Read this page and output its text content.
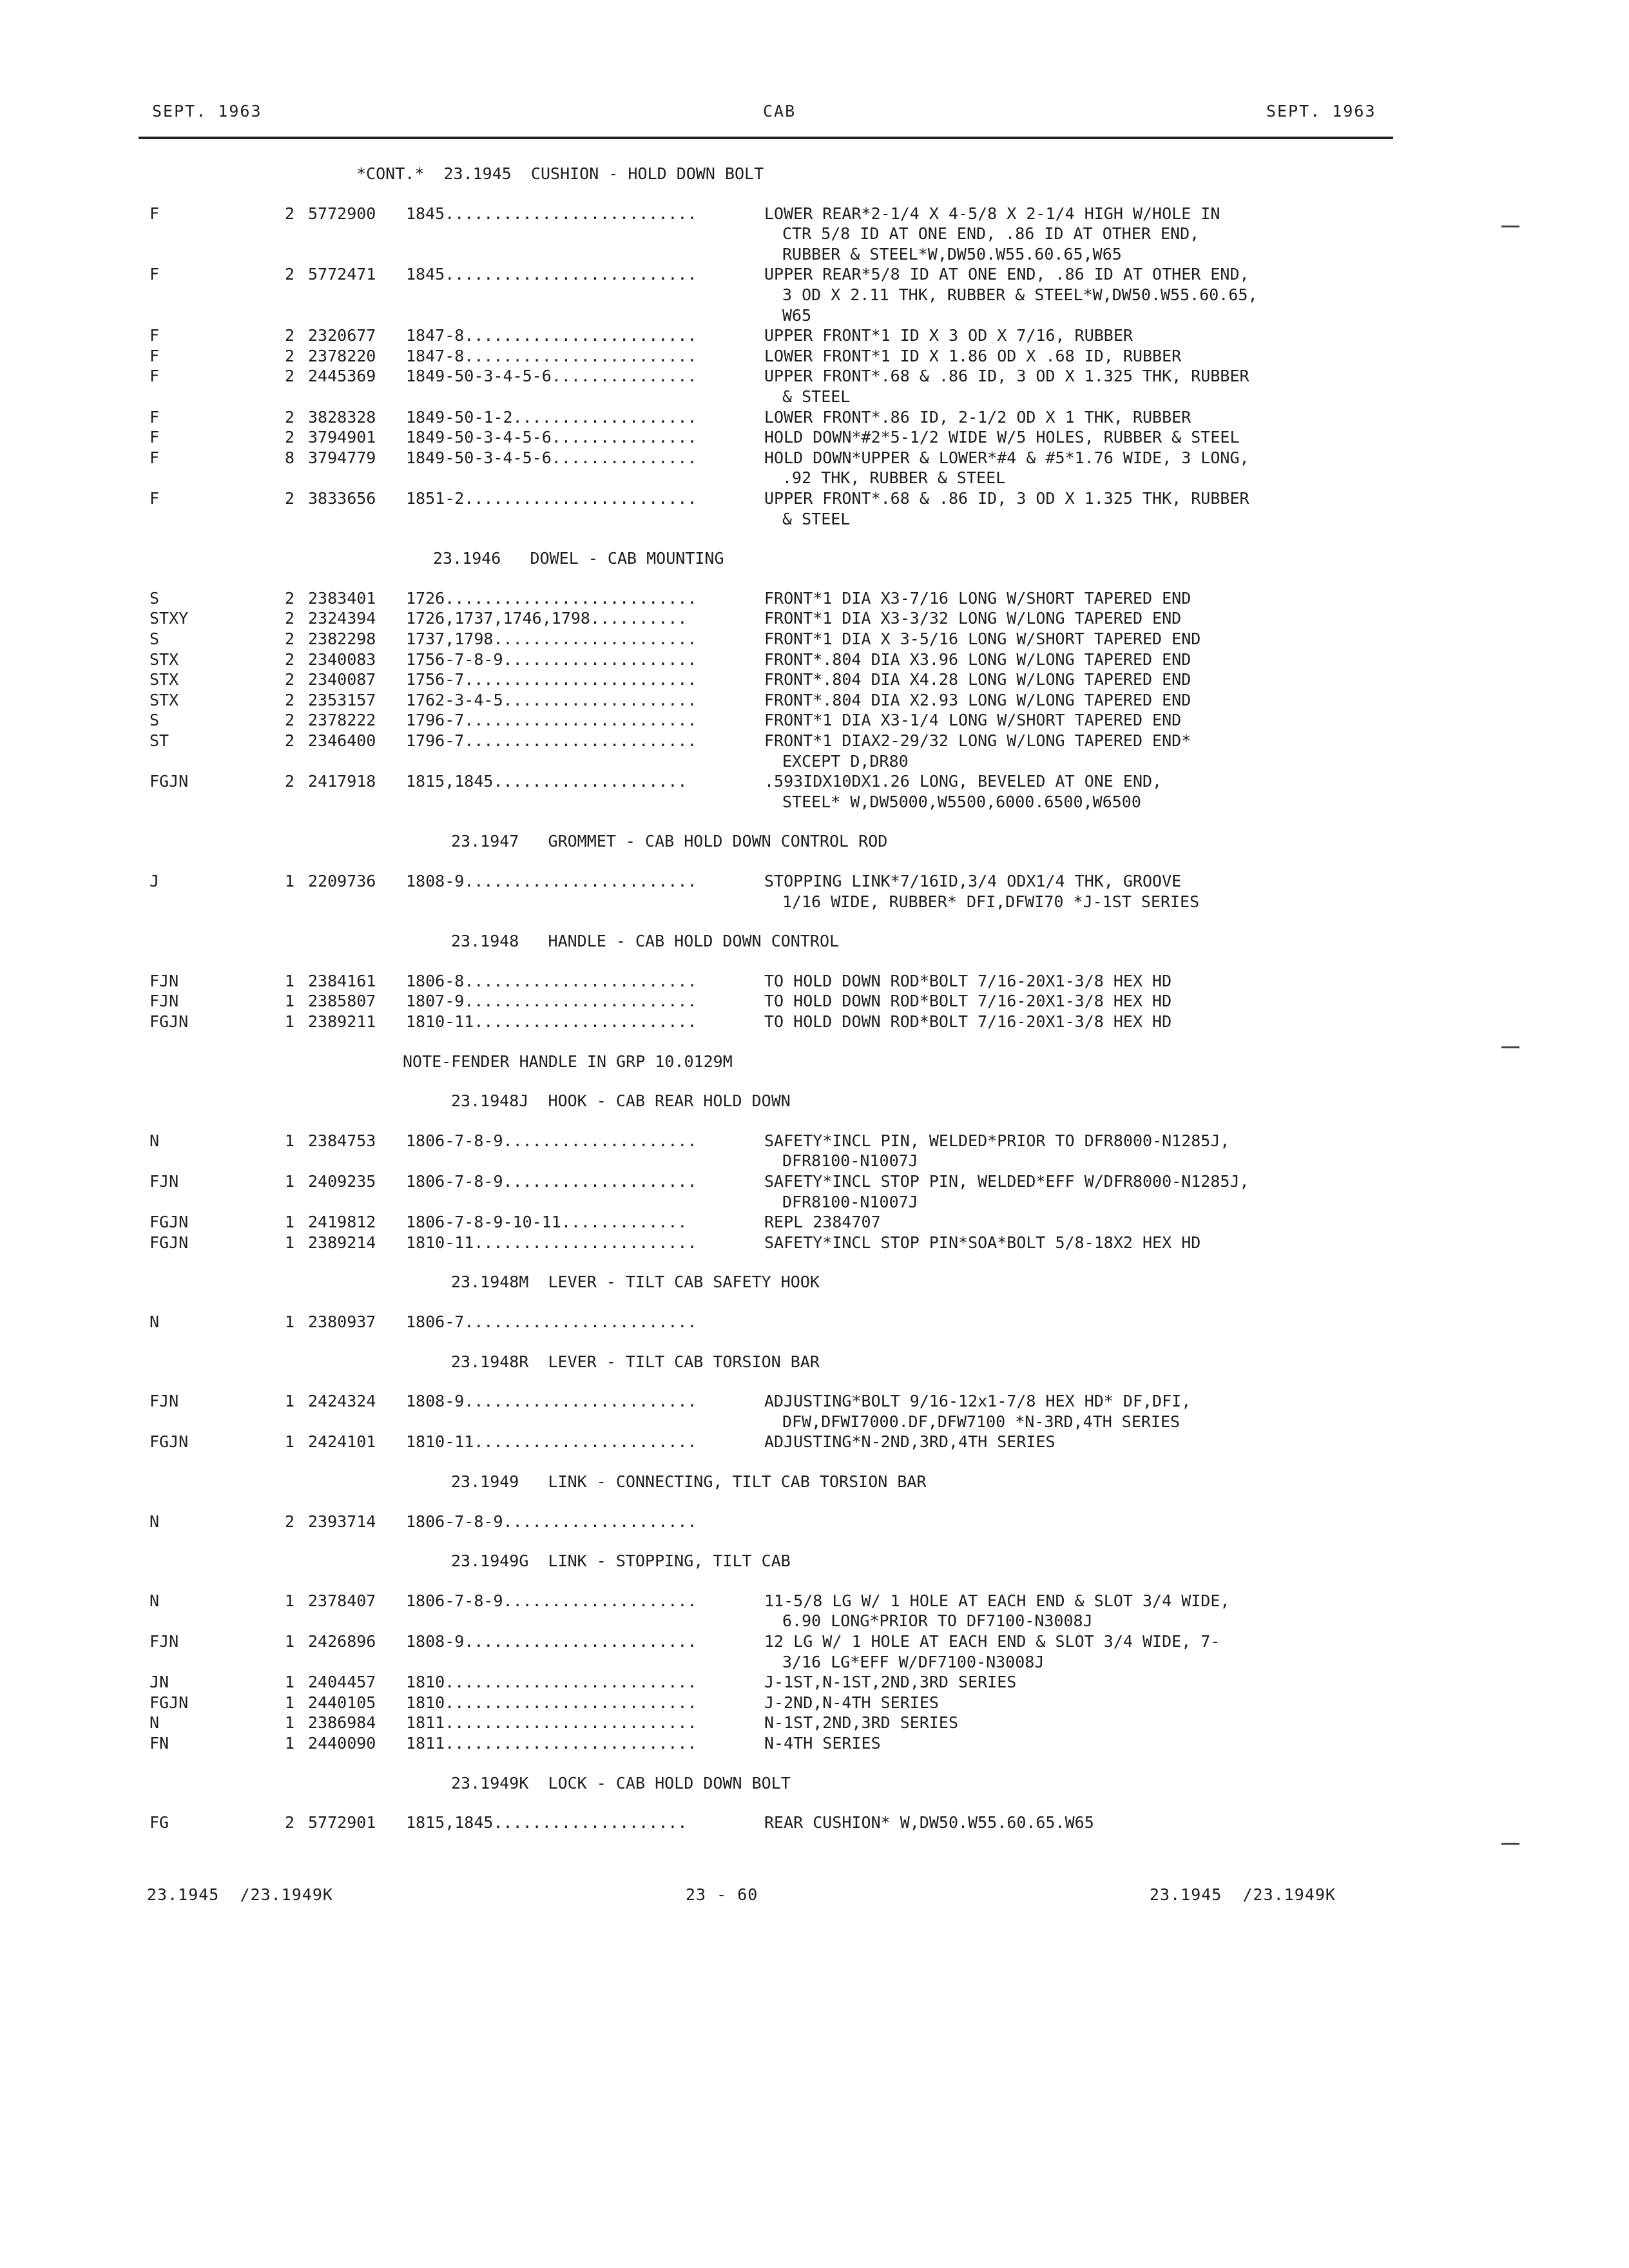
SEPT. 1963	CAB	SEPT. 1963
*CONT.*  23.1945  CUSHION - HOLD DOWN BOLT
F	2 5772900 1845..........................	LOWER REAR*2-1/4 X 4-5/8 X 2-1/4 HIGH W/HOLE IN
CTR 5/8 ID AT ONE END, .86 ID AT OTHER END,
RUBBER & STEEL*W,DW50.W55.60.65,W65
F	2 5772471 1845..........................	UPPER REAR*5/8 ID AT ONE END, .86 ID AT OTHER END,
3 OD X 2.11 THK, RUBBER & STEEL*W,DW50.W55.60.65,
W65
F	2 2320677 1847-8........................	UPPER FRONT*1 ID X 3 OD X 7/16, RUBBER
F	2 2378220 1847-8........................	LOWER FRONT*1 ID X 1.86 OD X .68 ID, RUBBER
F	2 2445369 1849-50-3-4-5-6...............	UPPER FRONT*.68 & .86 ID, 3 OD X 1.325 THK, RUBBER
& STEEL
F	2 3828328 1849-50-1-2...................	LOWER FRONT*.86 ID, 2-1/2 OD X 1 THK, RUBBER
F	2 3794901 1849-50-3-4-5-6...............	HOLD DOWN*#2*5-1/2 WIDE W/5 HOLES, RUBBER & STEEL
F	8 3794779 1849-50-3-4-5-6...............	HOLD DOWN*UPPER & LOWER*#4 & #5*1.76 WIDE, 3 LONG,
.92 THK, RUBBER & STEEL
F	2 3833656 1851-2........................	UPPER FRONT*.68 & .86 ID, 3 OD X 1.325 THK, RUBBER
& STEEL
23.1946   DOWEL - CAB MOUNTING
S	2 2383401 1726..........................	FRONT*1 DIA X3-7/16 LONG W/SHORT TAPERED END
STXY	2 2324394 1726,1737,1746,1798..........	FRONT*1 DIA X3-3/32 LONG W/LONG TAPERED END
S	2 2382298 1737,1798.....................	FRONT*1 DIA X 3-5/16 LONG W/SHORT TAPERED END
STX	2 2340083 1756-7-8-9....................	FRONT*.804 DIA X3.96 LONG W/LONG TAPERED END
STX	2 2340087 1756-7........................	FRONT*.804 DIA X4.28 LONG W/LONG TAPERED END
STX	2 2353157 1762-3-4-5....................	FRONT*.804 DIA X2.93 LONG W/LONG TAPERED END
S	2 2378222 1796-7........................	FRONT*1 DIA X3-1/4 LONG W/SHORT TAPERED END
ST	2 2346400 1796-7........................	FRONT*1 DIAX2-29/32 LONG W/LONG TAPERED END*
EXCEPT D,DR80
FGJN	2 2417918 1815,1845....................	.593IDX10DX1.26 LONG, BEVELED AT ONE END,
STEEL* W,DW5000,W5500,6000.6500,W6500
23.1947   GROMMET - CAB HOLD DOWN CONTROL ROD
J	1 2209736 1808-9........................	STOPPING LINK*7/16ID,3/4 ODX1/4 THK, GROOVE
1/16 WIDE, RUBBER* DFI,DFWI70 *J-1ST SERIES
23.1948   HANDLE - CAB HOLD DOWN CONTROL
FJN	1 2384161 1806-8........................	TO HOLD DOWN ROD*BOLT 7/16-20X1-3/8 HEX HD
FJN	1 2385807 1807-9........................	TO HOLD DOWN ROD*BOLT 7/16-20X1-3/8 HEX HD
FGJN	1 2389211 1810-11.......................	TO HOLD DOWN ROD*BOLT 7/16-20X1-3/8 HEX HD
NOTE-FENDER HANDLE IN GRP 10.0129M
23.1948J  HOOK - CAB REAR HOLD DOWN
N	1 2384753 1806-7-8-9....................	SAFETY*INCL PIN, WELDED*PRIOR TO DFR8000-N1285J,
DFR8100-N1007J
FJN	1 2409235 1806-7-8-9....................	SAFETY*INCL STOP PIN, WELDED*EFF W/DFR8000-N1285J,
DFR8100-N1007J
FGJN	1 2419812 1806-7-8-9-10-11.............	REPL 2384707
FGJN	1 2389214 1810-11.......................	SAFETY*INCL STOP PIN*SOA*BOLT 5/8-18X2 HEX HD
23.1948M  LEVER - TILT CAB SAFETY HOOK
N	1 2380937 1806-7........................
23.1948R  LEVER - TILT CAB TORSION BAR
FJN	1 2424324 1808-9........................	ADJUSTING*BOLT 9/16-12x1-7/8 HEX HD* DF,DFI,
DFW,DFWI7000.DF,DFW7100 *N-3RD,4TH SERIES
FGJN	1 2424101 1810-11.......................	ADJUSTING*N-2ND,3RD,4TH SERIES
23.1949   LINK - CONNECTING, TILT CAB TORSION BAR
N	2 2393714 1806-7-8-9....................
23.1949G  LINK - STOPPING, TILT CAB
N	1 2378407 1806-7-8-9....................	11-5/8 LG W/ 1 HOLE AT EACH END & SLOT 3/4 WIDE,
6.90 LONG*PRIOR TO DF7100-N3008J
FJN	1 2426896 1808-9........................	12 LG W/ 1 HOLE AT EACH END & SLOT 3/4 WIDE, 7-
3/16 LG*EFF W/DF7100-N3008J
JN	1 2404457 1810..........................	J-1ST,N-1ST,2ND,3RD SERIES
FGJN	1 2440105 1810..........................	J-2ND,N-4TH SERIES
N	1 2386984 1811..........................	N-1ST,2ND,3RD SERIES
FN	1 2440090 1811..........................	N-4TH SERIES
23.1949K  LOCK - CAB HOLD DOWN BOLT
FG	2 5772901 1815,1845....................	REAR CUSHION* W,DW50.W55.60.65.W65
23.1945  /23.1949K	23 - 60	23.1945  /23.1949K
